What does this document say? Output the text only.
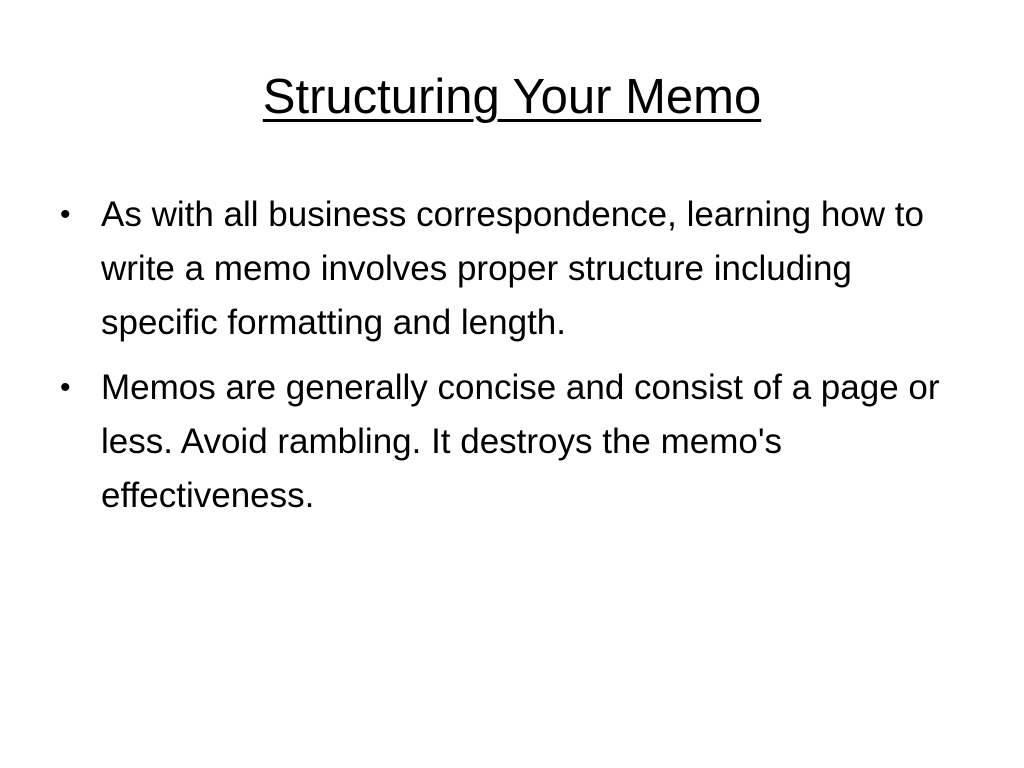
Structuring Your Memo
• As with all business correspondence, learning how to write a memo involves proper structure including specific formatting and length.
• Memos are generally concise and consist of a page or less. Avoid rambling. It destroys the memo's effectiveness.
